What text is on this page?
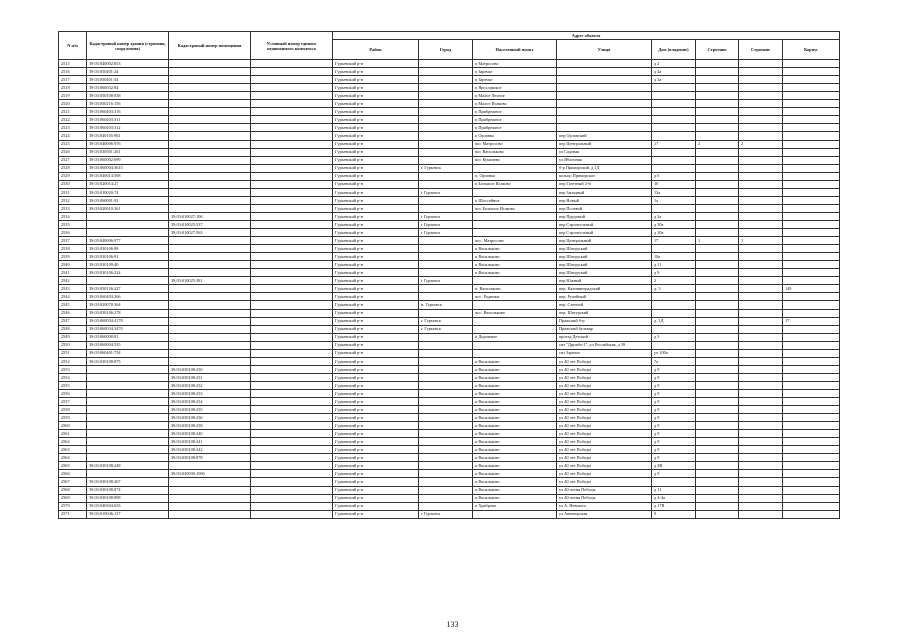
N п/п	Кадастровый номер здания (строения, сооружения)	Кадастровый номер помещения	Условный номер единого недвижимого комплекса	Адрес объекта							
				Район	Город	Населенный пункт	Улица	Дом (владение)	Строение	Строение	Корпус
2515	39:03:040002:853			Гурьевский р-н		п Матросово		д 2			
2516	39:03:050401:24			Гурьевский р-н		п Заречье		д 4а			
2517	39:03:050401:54			Гурьевский р-н		п Заречье		д 3а			
2518	39:03:060032:84			Гурьевский р-н		п Ярославское					
2519	39:03:050108:838			Гурьевский р-н		п Малое Лесное					
2520	39:03:050216:156			Гурьевский р-н		п Малое Исаково					
2521	39:03:060403:316			Гурьевский р-н		п Прибрежное					
2522	39:03:060403:311			Гурьевский р-н		п Прибрежное					
2523	39:03:060403:312			Гурьевский р-н		п Прибрежное					
2524	39:03:040105:961			Гурьевский р-н		п Орловка	пер Орловский				
2525	39:03:040006:976			Гурьевский р-н		пос Матросово	пер Центральный	17	2	2	
2526	39:03:030501:201			Гурьевский р-н		пос Васильково	ул Садовая				
2527	39:03:060002:699			Гурьевский р-н		пос Кумачево	ул Яблочная				
2528	39:03:060004:3615			Гурьевский р-н	г. Гурьевск		б-р Приморский, д 1Д				
2529	39:03:040014:568			Гурьевский р-н		п. Орловка	кольцо Приморское	д 6			
2530	39:03:020014:27			Гурьевский р-н		п Большое Исаково	пер Газетный 2-й	10			
2531	39:03:010020:74			Гурьевский р-н	г Гурьевск		пер Западный	13а			
2532	39:03:060001:92			Гурьевский р-н		п Шоссейное	пер Новый	1а			
2533	39:03:020010:361			Гурьевский р-н		пос Большое Исаково	пер Полевой				
2534		39:03:010027:106		Гурьевский р-н	г Гурьевск		пер Прудовый	д 2а			
2535		39:03:010025:537		Гурьевский р-н	г Гурьевск		пер Строительный	д 30а			
2536		39:03:010027:563		Гурьевский р-н	г Гурьевск		пер Строительный	д 30а			
2537	39:03:040006:977			Гурьевский р-н		пос. Матросово	пер Центральный	17	1	1	
2538	39:03:030106:98			Гурьевский р-н		п Васильково	пер Шатурский				
2539	39:03:030106:91			Гурьевский р-н		п Васильково	пер Шатурский	10а			
2540	39:03:030109:40			Гурьевский р-н		п Васильково	пер Шатурский	д 11			
2541	39:03:030106:224			Гурьевский р-н		п Васильково	пер Шатурский	д 9			
2542		39:03:010025:381		Гурьевский р-н	г Гурьевск		пер Южный	2			
2543	39:03:050126:227			Гурьевский р-н		п. Васильково	пер. Калининградский	д. 3			149
2544	39:03:060404:266			Гурьевский р-н		пос. Родники	пер. Ручейный				
2545	39:03:020078:364			Гурьевский р-н	п. Гурьевск		пер. Степной				
2546	39:03:030106:278			Гурьевский р-н		пос. Васильково	пер. Шатурский				
2547	39:03:060034:4178			Гурьевский р-н	г. Гурьевск		Пражский б-р	д. 1Д			17
2548	39:03:060034:3470			Гурьевский р-н	г. Гурьевск		Пражский бульвар				
2549	39:03:060008:81			Гурьевский р-н		п Дорожное	проезд Детский	д 3			
2550	39:03:060004:535			Гурьевский р-н			снт "Дружба-1", ул Российская, д 39				
2551	39:03:060401:754			Гурьевский р-н			снт Заречье	уч 100а			
2552	39:03:030108:875			Гурьевский р-н		п Васильково	ул 40 лет Победы	7а			
2553		39:03:030108:230		Гурьевский р-н		п Васильково	ул 40 лет Победы	д 9			
2554		39:03:030108:231		Гурьевский р-н		п Васильково	ул 40 лет Победы	д 9			
2555		39:03:030108:232		Гурьевский р-н		п Васильково	ул 40 лет Победы	д 9			
2556		39:03:030108:233		Гурьевский р-н		п Васильково	ул 40 лет Победы	д 9			
2557		39:03:030108:234		Гурьевский р-н		п Васильково	ул 40 лет Победы	д 9			
2558		39:03:030108:235		Гурьевский р-н		п Васильково	ул 40 лет Победы	д 9			
2559		39:03:030108:236		Гурьевский р-н		п Васильково	ул 40 лет Победы	д 9			
2560		39:03:030108:238		Гурьевский р-н		п Васильково	ул 40 лет Победы	д 9			
2561		39:03:030108:240		Гурьевский р-н		п Васильково	ул 40 лет Победы	д 9			
2562		39:03:030108:241		Гурьевский р-н		п Васильково	ул 40 лет Победы	д 9			
2563		39:03:030108:242		Гурьевский р-н		п Васильково	ул 40 лет Победы	д 9			
2564		39:03:030108:878		Гурьевский р-н		п Васильково	ул 40 лет Победы	д 9			
2565	39:03:030108:248			Гурьевский р-н		п Васильково	ул 40 лет Победы	д 4В			
2566		39:03:030000:1006		Гурьевский р-н		п Васильково	ул 40 лет Победы	д 9			
2567	39:03:030108:267			Гурьевский р-н		п Васильково	ул 40 лет Победы				
2568	39:03:030108:874			Гурьевский р-н		п Васильково	ул 40-летия Победы	д 11			
2569	39:03:030108:898			Гурьевский р-н		п Васильково	ул 40-летия Победы	д 4-4а			
2570	39:03:040304:633			Гурьевский р-н		п Храброво	ул А. Невского	д 17В			
2571	39:03:010046:137			Гурьевский р-н	г Гурьевск		ул Авиаторская	9			
133
